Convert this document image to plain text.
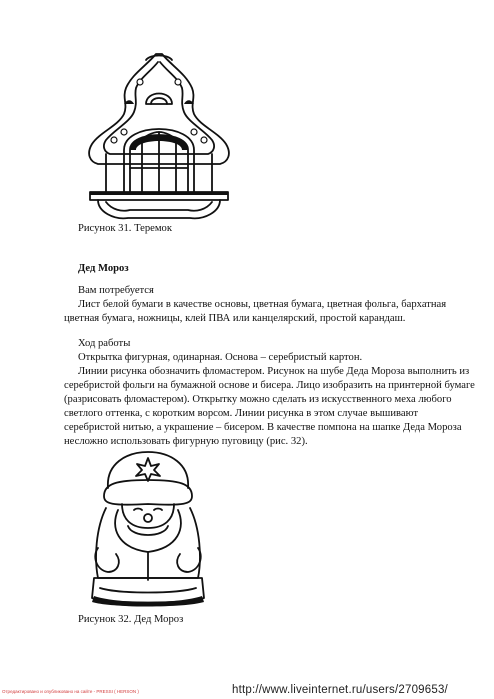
Рисунок 31. Теремок
Дед Мороз
Вам потребуется
Лист белой бумаги в качестве основы, цветная бумага, цветная фольга, бархатная
цветная бумага, ножницы, клей ПВА или канцелярский, простой карандаш.
Ход работы
Открытка фигурная, одинарная. Основа – серебристый картон.
Линии рисунка обозначить фломастером. Рисунок на шубе Деда Мороза выполнить из
серебристой фольги на бумажной основе и бисера. Лицо изобразить на принтерной бумаге
(разрисовать фломастером). Открытку можно сделать из искусственного меха любого
светлого оттенка, с коротким ворсом. Линии рисунка в этом случае вышивают
серебристой нитью, а украшение – бисером. В качестве помпона на шапке Деда Мороза
несложно использовать фигурную пуговицу (рис. 32).
Рисунок 32. Дед Мороз
Отредактировано и опубликовано на сайте - PRESSI ( HERSON )	http://www.liveinternet.ru/users/2709653/
